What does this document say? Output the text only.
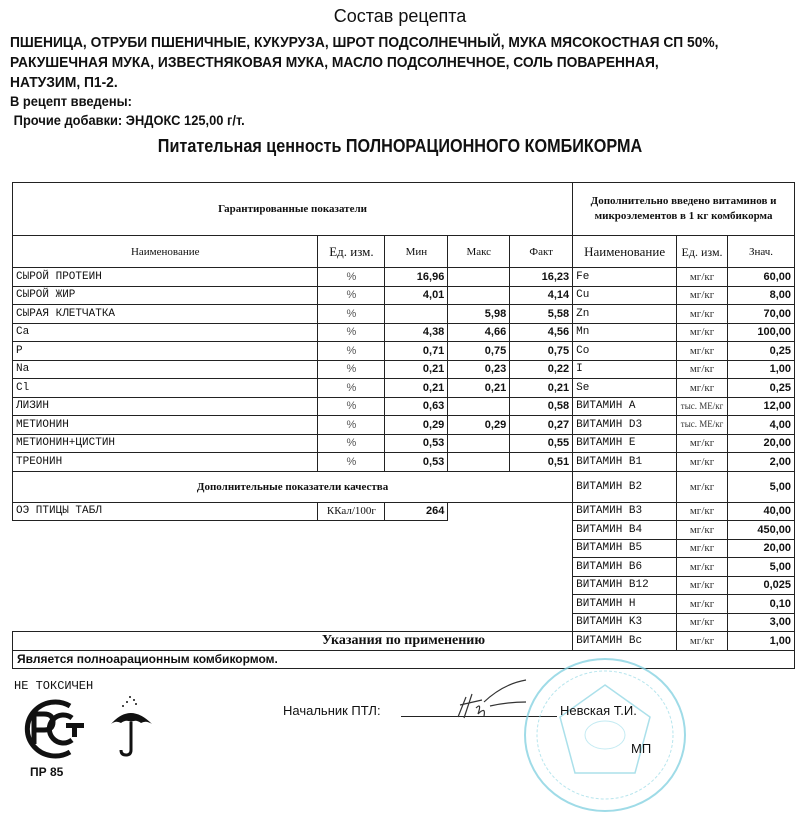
Состав рецепта
ПШЕНИЦА, ОТРУБИ ПШЕНИЧНЫЕ, КУКУРУЗА, ШРОТ ПОДСОЛНЕЧНЫЙ, МУКА МЯСОКОСТНАЯ СП 50%,
РАКУШЕЧНАЯ МУКА, ИЗВЕСТНЯКОВАЯ МУКА, МАСЛО ПОДСОЛНЕЧНОЕ, СОЛЬ ПОВАРЕННАЯ,
НАТУЗИМ, П1-2.
В рецепт введены:
Прочие добавки: ЭНДОКС 125,00 г/т.
Питательная ценность ПОЛНОРАЦИОННОГО КОМБИКОРМА
Гарантированные показатели					Дополнительно введено витаминов и микроэлементов в 1 кг комбикорма		
Наименование	Ед. изм.	Мин	Макс	Факт	Наименование	Ед. изм.	Знач.
СЫРОЙ ПРОТЕИН	%	16,96		16,23	Fe	мг/кг	60,00
СЫРОЙ ЖИР	%	4,01		4,14	Cu	мг/кг	8,00
СЫРАЯ КЛЕТЧАТКА	%		5,98	5,58	Zn	мг/кг	70,00
Ca	%	4,38	4,66	4,56	Mn	мг/кг	100,00
P	%	0,71	0,75	0,75	Co	мг/кг	0,25
Na	%	0,21	0,23	0,22	I	мг/кг	1,00
Cl	%	0,21	0,21	0,21	Se	мг/кг	0,25
ЛИЗИН	%	0,63		0,58	ВИТАМИН A	тыс. МЕ/кг	12,00
МЕТИОНИН	%	0,29	0,29	0,27	ВИТАМИН D3	тыс. МЕ/кг	4,00
МЕТИОНИН+ЦИСТИН	%	0,53		0,55	ВИТАМИН E	мг/кг	20,00
ТРЕОНИН	%	0,53		0,51	ВИТАМИН B1	мг/кг	2,00
Дополнительные показатели качества					ВИТАМИН B2	мг/кг	5,00
ОЭ ПТИЦЫ ТАБЛ	ККал/100г	264			ВИТАМИН B3	мг/кг	40,00
					ВИТАМИН B4	мг/кг	450,00
					ВИТАМИН B5	мг/кг	20,00
					ВИТАМИН B6	мг/кг	5,00
					ВИТАМИН B12	мг/кг	0,025
					ВИТАМИН H	мг/кг	0,10
					ВИТАМИН K3	мг/кг	3,00
					ВИТАМИН Bc	мг/кг	1,00
Указания по применению
Является полноарационным комбикормом.
НЕ ТОКСИЧЕН
ПР 85
Начальник ПТЛ:	Невская Т.И.
МП
